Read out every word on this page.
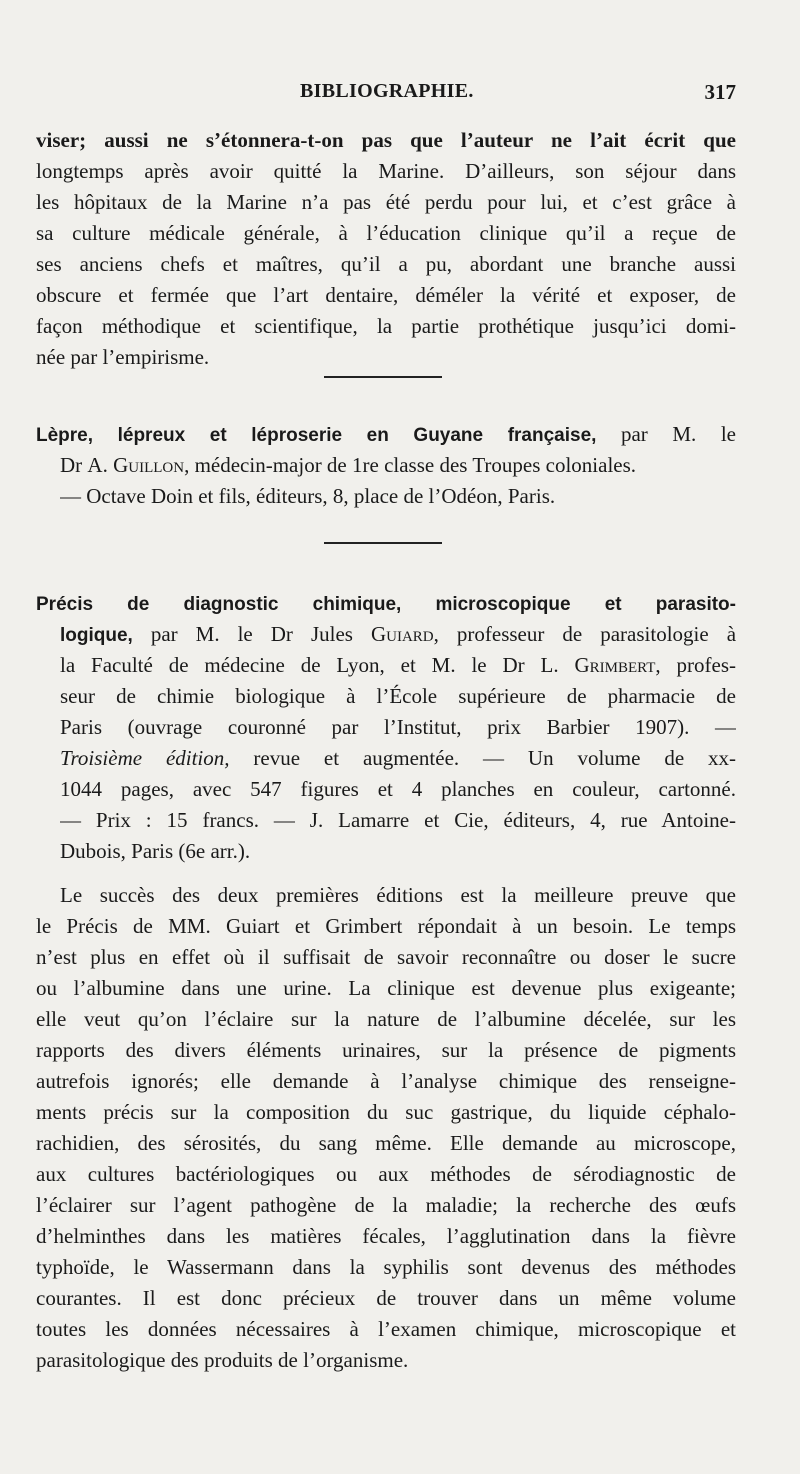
BIBLIOGRAPHIE.	317
viser; aussi ne s’étonnera-t-on pas que l’auteur ne l’ait écrit que
longtemps après avoir quitté la Marine. D’ailleurs, son séjour dans
les hôpitaux de la Marine n’a pas été perdu pour lui, et c’est grâce à
sa culture médicale générale, à l’éducation clinique qu’il a reçue de
ses anciens chefs et maîtres, qu’il a pu, abordant une branche aussi
obscure et fermée que l’art dentaire, déméler la vérité et exposer, de
façon méthodique et scientifique, la partie prothétique jusqu’ici domi-
née par l’empirisme.
Lèpre, lépreux et léproserie en Guyane française, par M. le
Dr A. Guillon, médecin-major de 1re classe des Troupes coloniales.
— Octave Doin et fils, éditeurs, 8, place de l’Odéon, Paris.
Précis de diagnostic chimique, microscopique et parasito-
logique, par M. le Dr Jules Guiard, professeur de parasitologie à
la Faculté de médecine de Lyon, et M. le Dr L. Grimbert, profes-
seur de chimie biologique à l’École supérieure de pharmacie de
Paris (ouvrage couronné par l’Institut, prix Barbier 1907). —
Troisième édition, revue et augmentée. — Un volume de xx-
1044 pages, avec 547 figures et 4 planches en couleur, cartonné.
— Prix : 15 francs. — J. Lamarre et Cie, éditeurs, 4, rue Antoine-
Dubois, Paris (6e arr.).
Le succès des deux premières éditions est la meilleure preuve que
le Précis de MM. Guiart et Grimbert répondait à un besoin. Le temps
n’est plus en effet où il suffisait de savoir reconnaître ou doser le sucre
ou l’albumine dans une urine. La clinique est devenue plus exigeante;
elle veut qu’on l’éclaire sur la nature de l’albumine décelée, sur les
rapports des divers éléments urinaires, sur la présence de pigments
autrefois ignorés; elle demande à l’analyse chimique des renseigne-
ments précis sur la composition du suc gastrique, du liquide céphalo-
rachidien, des sérosités, du sang même. Elle demande au microscope,
aux cultures bactériologiques ou aux méthodes de sérodiagnostic de
l’éclairer sur l’agent pathogène de la maladie; la recherche des œufs
d’helminthes dans les matières fécales, l’agglutination dans la fièvre
typhoïde, le Wassermann dans la syphilis sont devenus des méthodes
courantes. Il est donc précieux de trouver dans un même volume
toutes les données nécessaires à l’examen chimique, microscopique et
parasitologique des produits de l’organisme.
